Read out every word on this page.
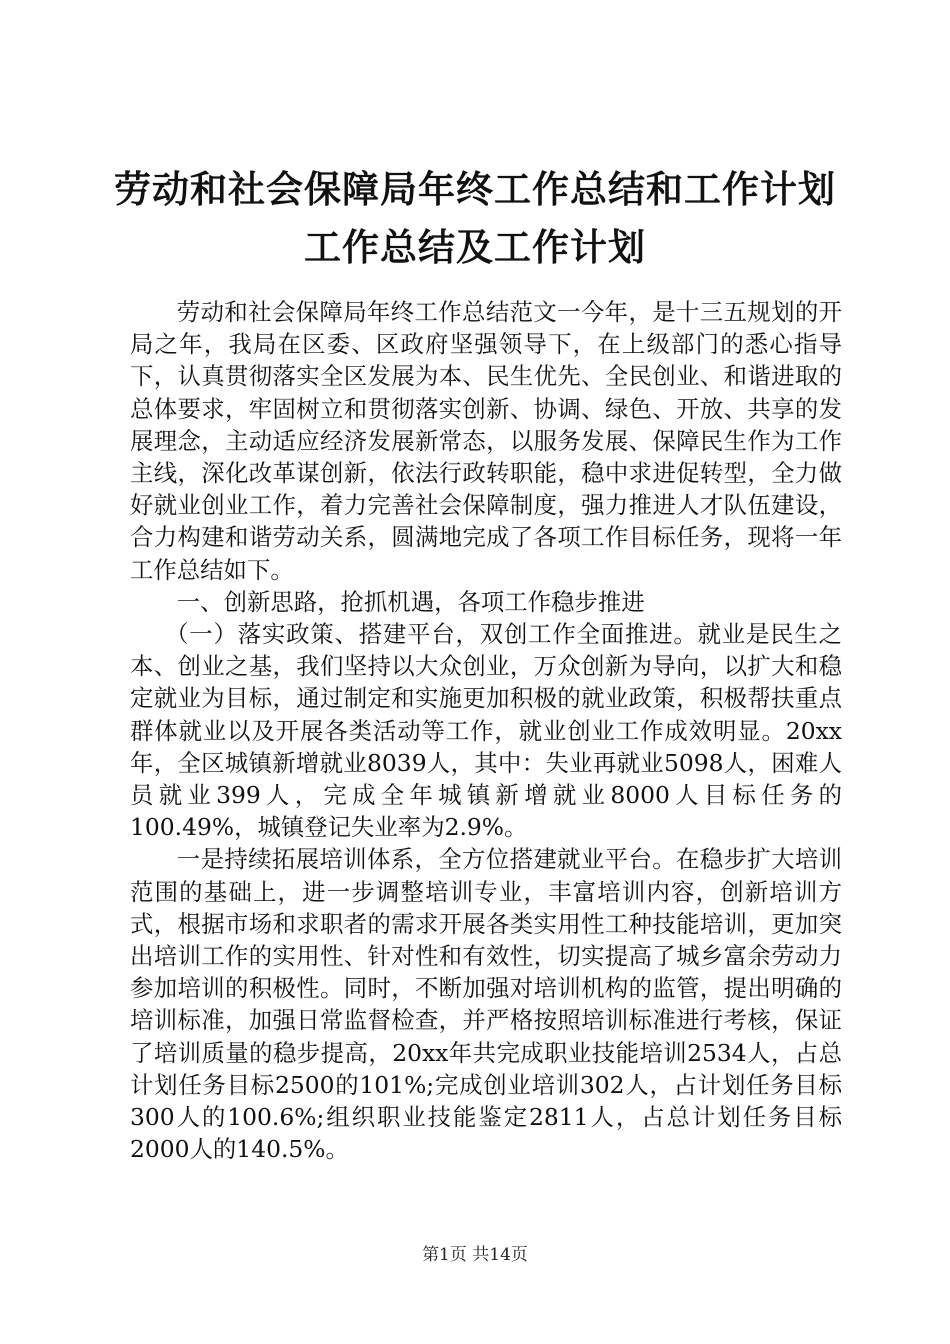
劳动和社会保障局年终工作总结和工作计划工作总结及工作计划

劳动和社会保障局年终工作总结范文一今年，是十三五规划的开局之年，我局在区委、区政府坚强领导下，在上级部门的悉心指导下，认真贯彻落实全区发展为本、民生优先、全民创业、和谐进取的总体要求，牢固树立和贯彻落实创新、协调、绿色、开放、共享的发展理念，主动适应经济发展新常态，以服务发展、保障民生作为工作主线，深化改革谋创新，依法行政转职能，稳中求进促转型，全力做好就业创业工作，着力完善社会保障制度，强力推进人才队伍建设，合力构建和谐劳动关系，圆满地完成了各项工作目标任务，现将一年工作总结如下。

一、创新思路，抢抓机遇，各项工作稳步推进

（一）落实政策、搭建平台，双创工作全面推进。就业是民生之本、创业之基，我们坚持以大众创业，万众创新为导向，以扩大和稳定就业为目标，通过制定和实施更加积极的就业政策，积极帮扶重点群体就业以及开展各类活动等工作，就业创业工作成效明显。20xx年，全区城镇新增就业8039人，其中：失业再就业5098人，困难人员就业399人，完成全年城镇新增就业8000人目标任务的100.49%，城镇登记失业率为2.9%。

一是持续拓展培训体系，全方位搭建就业平台。在稳步扩大培训范围的基础上，进一步调整培训专业，丰富培训内容，创新培训方式，根据市场和求职者的需求开展各类实用性工种技能培训，更加突出培训工作的实用性、针对性和有效性，切实提高了城乡富余劳动力参加培训的积极性。同时，不断加强对培训机构的监管，提出明确的培训标准，加强日常监督检查，并严格按照培训标准进行考核，保证了培训质量的稳步提高，20xx年共完成职业技能培训2534人，占总计划任务目标2500的101%;完成创业培训302人，占计划任务目标300人的100.6%;组织职业技能鉴定2811人，占总计划任务目标2000人的140.5%。

第1页 共14页
